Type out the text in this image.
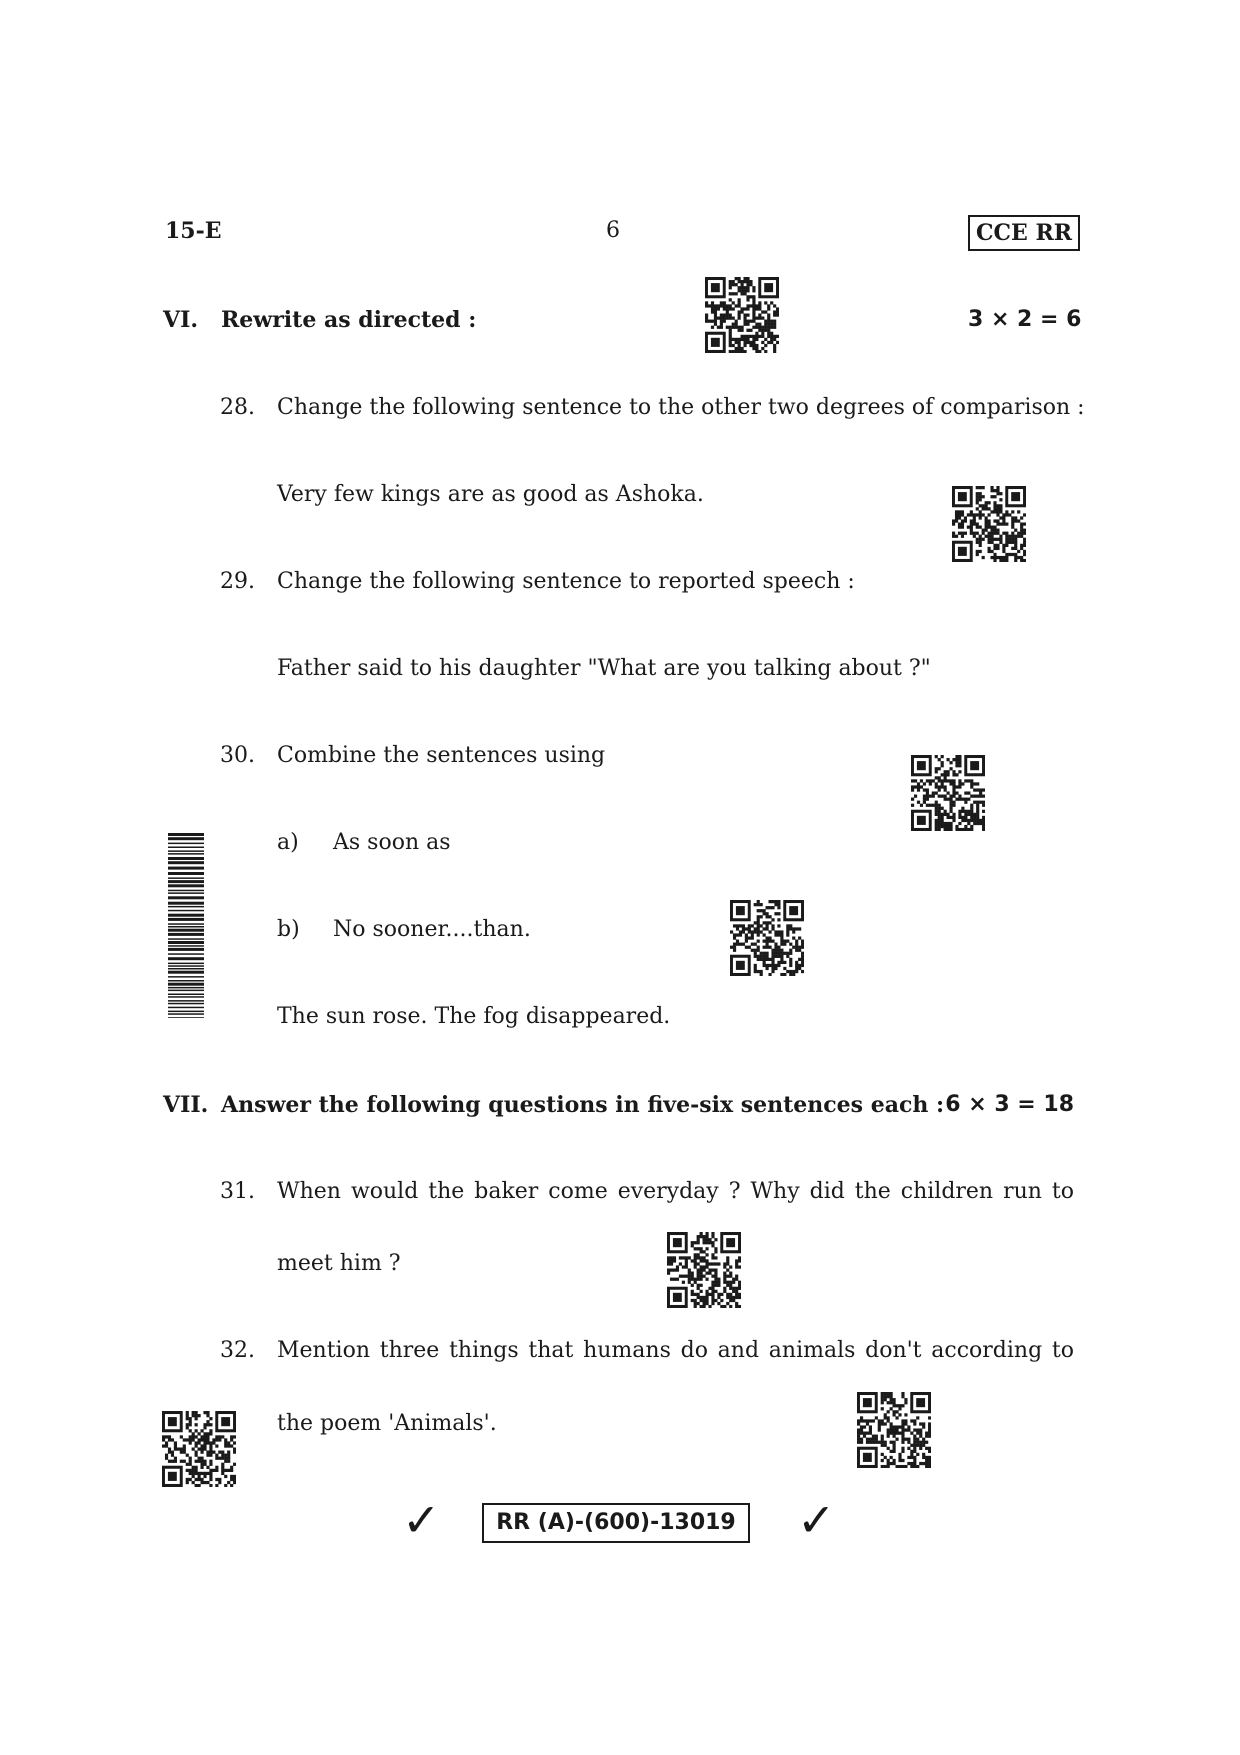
15-E	6	CCE RR
VI. Rewrite as directed :	3 × 2 = 6
28. Change the following sentence to the other two degrees of comparison :
Very few kings are as good as Ashoka.
29. Change the following sentence to reported speech :
Father said to his daughter "What are you talking about ?"
30. Combine the sentences using
a) As soon as
b) No sooner....than.
The sun rose. The fog disappeared.
VII. Answer the following questions in five-six sentences each : 6 × 3 = 18
31. When would the baker come everyday ? Why did the children run to
meet him ?
32. Mention three things that humans do and animals don't according to
the poem 'Animals'.
✓	RR (A)-(600)-13019	✓
